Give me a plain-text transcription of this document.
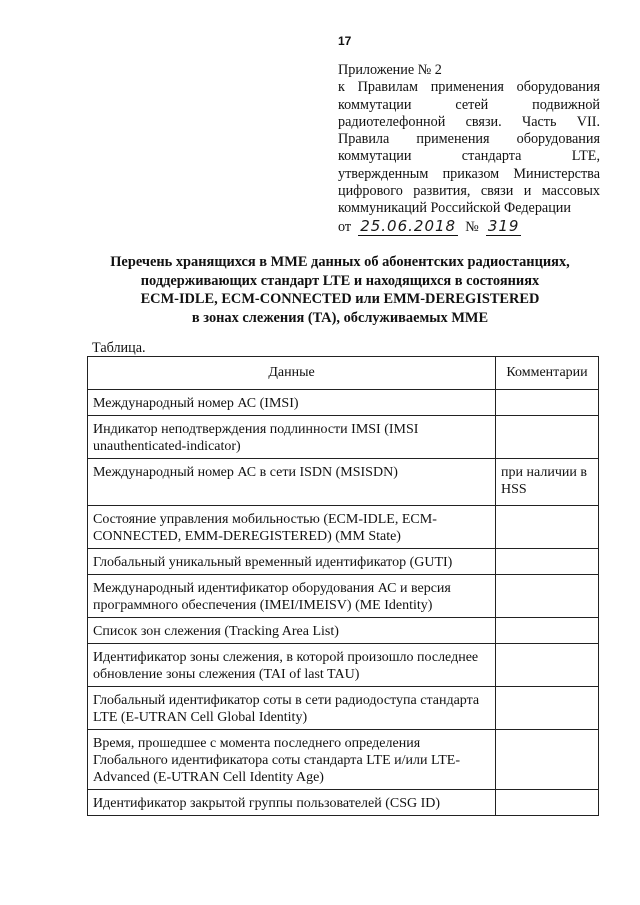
17
Приложение № 2
к Правилам применения оборудования
коммутации сетей подвижной
радиотелефонной связи. Часть VII.
Правила применения оборудования
коммутации стандарта LTE,
утвержденным приказом Министерства
цифрового развития, связи и массовых
коммуникаций Российской Федерации
от 25.06.2018 № 319
Перечень хранящихся в MME данных об абонентских радиостанциях,
поддерживающих стандарт LTE и находящихся в состояниях
ECM-IDLE, ECM-CONNECTED или EMM-DEREGISTERED
в зонах слежения (TA), обслуживаемых MME
Таблица.
Данные	Комментарии
Международный номер АС (IMSI)	
Индикатор неподтверждения подлинности IMSI (IMSI unauthenticated-indicator)	
Международный номер АС в сети ISDN (MSISDN)	при наличии в HSS
Состояние управления мобильностью (ECM-IDLE, ECM-CONNECTED, EMM-DEREGISTERED) (MM State)	
Глобальный уникальный временный идентификатор (GUTI)	
Международный идентификатор оборудования АС и версия программного обеспечения (IMEI/IMEISV) (ME Identity)	
Список зон слежения (Tracking Area List)	
Идентификатор зоны слежения, в которой произошло последнее обновление зоны слежения (TAI of last TAU)	
Глобальный идентификатор соты в сети радиодоступа стандарта LTE (E-UTRAN Cell Global Identity)	
Время, прошедшее с момента последнего определения Глобального идентификатора соты стандарта LTE и/или LTE-Advanced (E-UTRAN Cell Identity Age)	
Идентификатор закрытой группы пользователей (CSG ID)	
